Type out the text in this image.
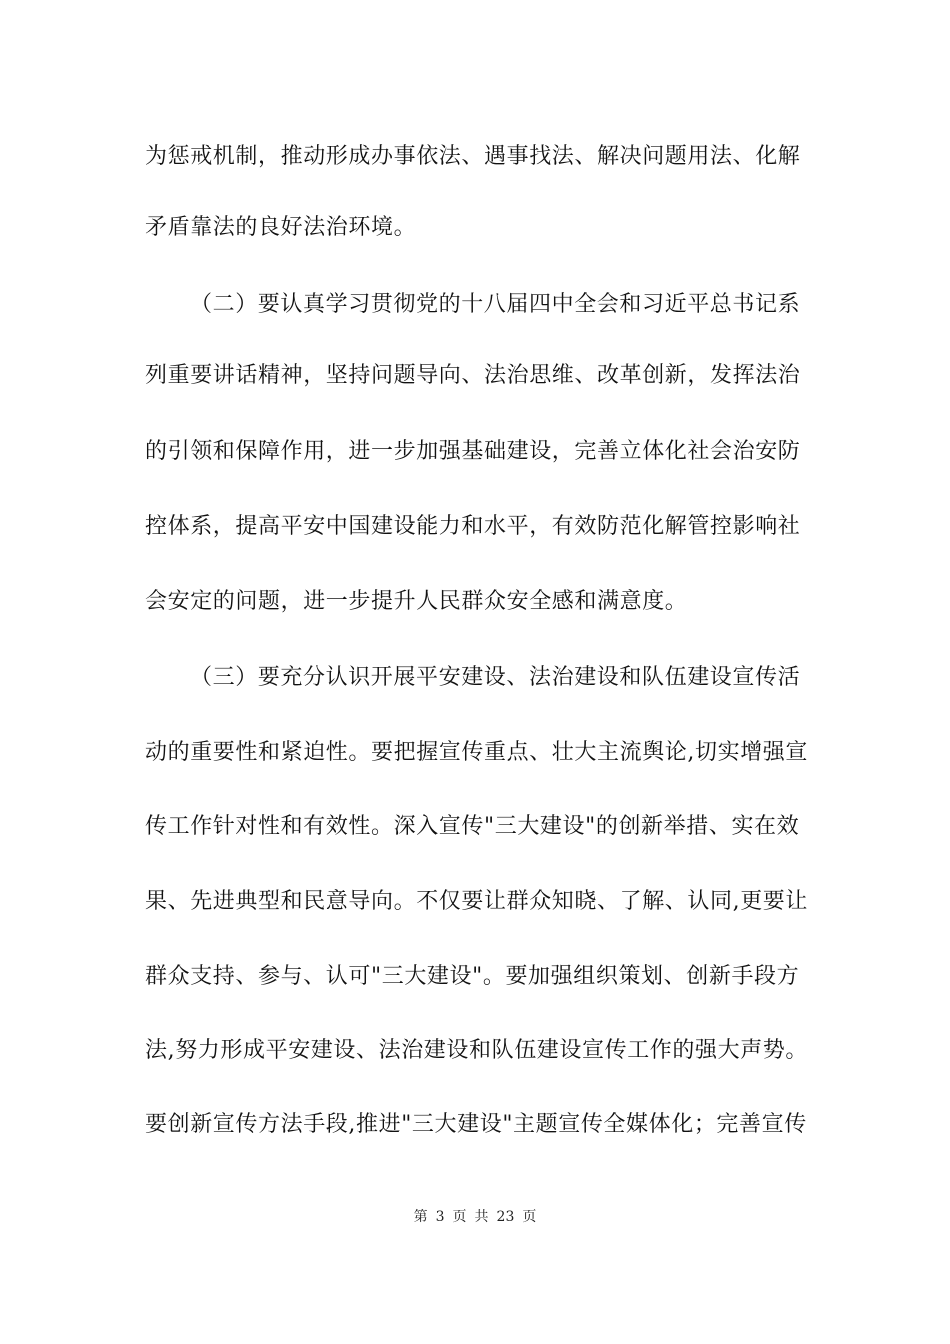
为惩戒机制，推动形成办事依法、遇事找法、解决问题用法、化解
矛盾靠法的良好法治环境。
（二）要认真学习贯彻党的十八届四中全会和习近平总书记系
列重要讲话精神，坚持问题导向、法治思维、改革创新，发挥法治
的引领和保障作用，进一步加强基础建设，完善立体化社会治安防
控体系，提高平安中国建设能力和水平，有效防范化解管控影响社
会安定的问题，进一步提升人民群众安全感和满意度。
（三）要充分认识开展平安建设、法治建设和队伍建设宣传活
动的重要性和紧迫性。要把握宣传重点、壮大主流舆论,切实增强宣
传工作针对性和有效性。深入宣传"三大建设"的创新举措、实在效
果、先进典型和民意导向。不仅要让群众知晓、了解、认同,更要让
群众支持、参与、认可"三大建设"。要加强组织策划、创新手段方
法,努力形成平安建设、法治建设和队伍建设宣传工作的强大声势。
要创新宣传方法手段,推进"三大建设"主题宣传全媒体化；完善宣传
第 3 页 共 23 页
